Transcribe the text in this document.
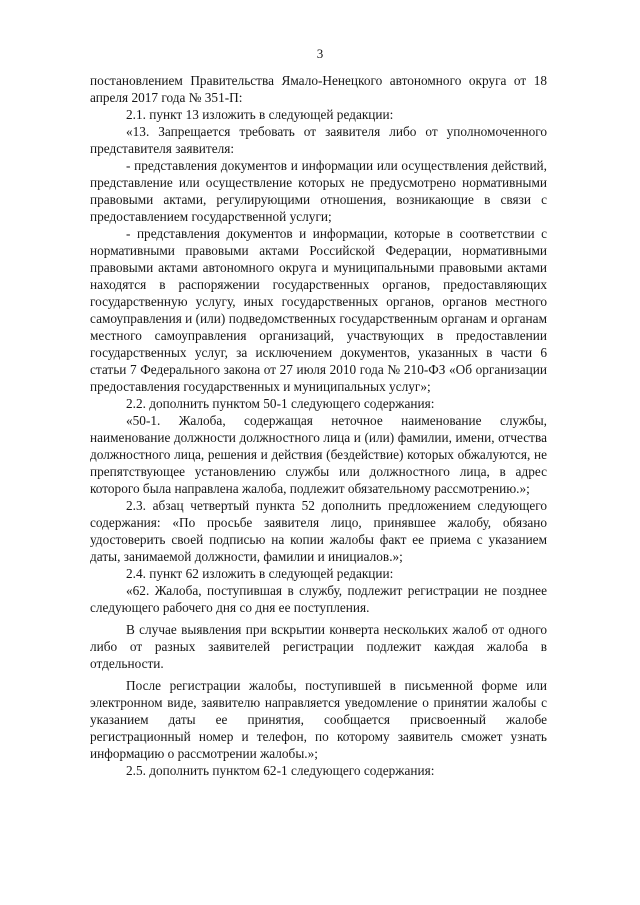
3

постановлением Правительства Ямало-Ненецкого автономного округа от 18 апреля 2017 года № 351-П:

2.1. пункт 13 изложить в следующей редакции:

«13. Запрещается требовать от заявителя либо от уполномоченного представителя заявителя:

- представления документов и информации или осуществления действий, представление или осуществление которых не предусмотрено нормативными правовыми актами, регулирующими отношения, возникающие в связи с предоставлением государственной услуги;

- представления документов и информации, которые в соответствии с нормативными правовыми актами Российской Федерации, нормативными правовыми актами автономного округа и муниципальными правовыми актами находятся в распоряжении государственных органов, предоставляющих государственную услугу, иных государственных органов, органов местного самоуправления и (или) подведомственных государственным органам и органам местного самоуправления организаций, участвующих в предоставлении государственных услуг, за исключением документов, указанных в части 6 статьи 7 Федерального закона от 27 июля 2010 года № 210-ФЗ «Об организации предоставления государственных и муниципальных услуг»;

2.2. дополнить пунктом 50-1 следующего содержания:

«50-1. Жалоба, содержащая неточное наименование службы, наименование должности должностного лица и (или) фамилии, имени, отчества должностного лица, решения и действия (бездействие) которых обжалуются, не препятствующее установлению службы или должностного лица, в адрес которого была направлена жалоба, подлежит обязательному рассмотрению.»;

2.3. абзац четвертый пункта 52 дополнить предложением следующего содержания: «По просьбе заявителя лицо, принявшее жалобу, обязано удостоверить своей подписью на копии жалобы факт ее приема с указанием даты, занимаемой должности, фамилии и инициалов.»;

2.4. пункт 62 изложить в следующей редакции:

«62. Жалоба, поступившая в службу, подлежит регистрации не позднее следующего рабочего дня со дня ее поступления.

В случае выявления при вскрытии конверта нескольких жалоб от одного либо от разных заявителей регистрации подлежит каждая жалоба в отдельности.

После регистрации жалобы, поступившей в письменной форме или электронном виде, заявителю направляется уведомление о принятии жалобы с указанием даты ее принятия, сообщается присвоенный жалобе регистрационный номер и телефон, по которому заявитель сможет узнать информацию о рассмотрении жалобы.»;

2.5. дополнить пунктом 62-1 следующего содержания:
